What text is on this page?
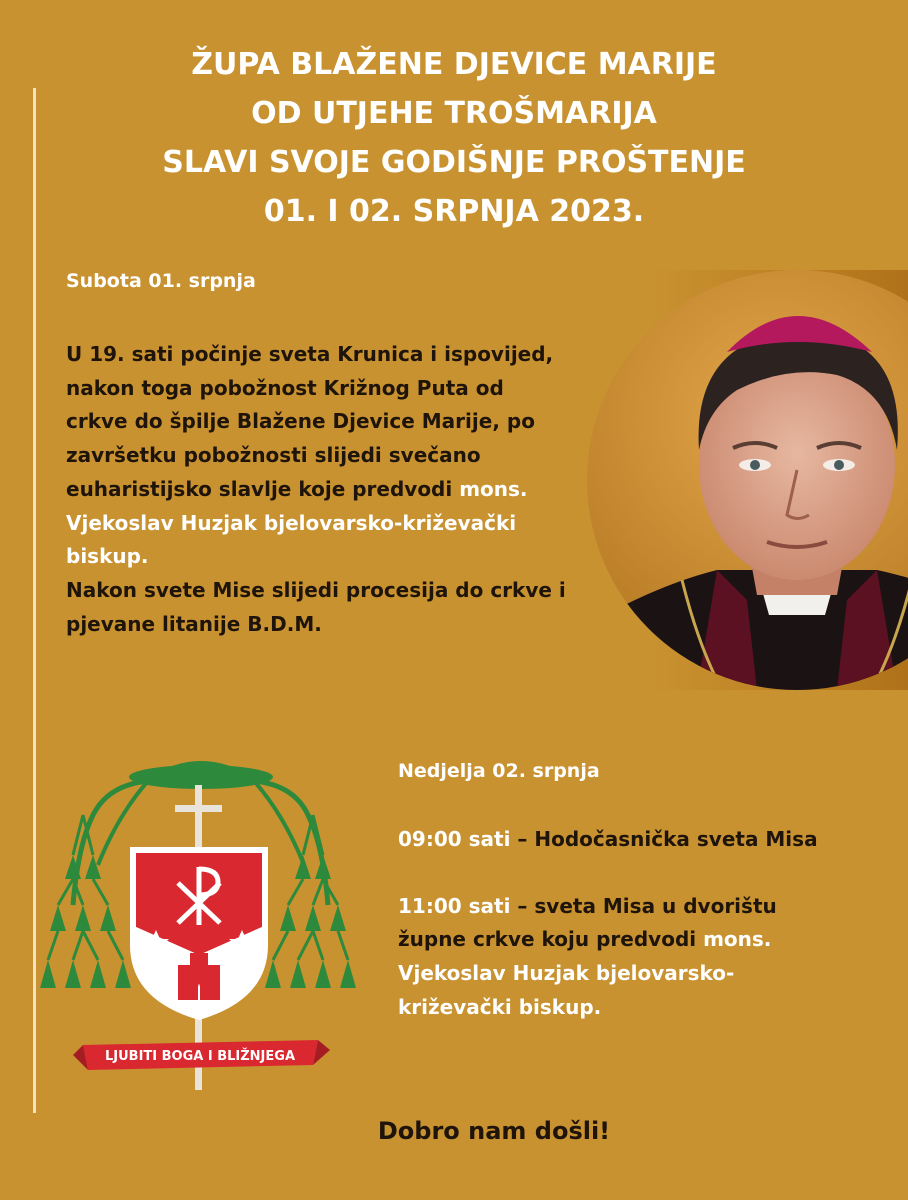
ŽUPA BLAŽENE DJEVICE MARIJE
OD UTJEHE TROŠMARIJA
SLAVI SVOJE GODIŠNJE PROŠTENJE
01. I 02. SRPNJA 2023.
Subota 01. srpnja
U 19. sati počinje sveta Krunica i ispovijed, nakon toga pobožnost Križnog Puta od crkve do špilje Blažene Djevice Marije, po završetku pobožnosti slijedi svečano euharistijsko slavlje koje predvodi mons. Vjekoslav Huzjak bjelovarsko-križevački biskup.
Nakon svete Mise slijedi procesija do crkve i pjevane litanije B.D.M.
LJUBITI BOGA I BLIŽNJEGA
Nedjelja 02. srpnja

09:00 sati – Hodočasnička sveta Misa

11:00 sati – sveta Misa u dvorištu župne crkve koju predvodi mons. Vjekoslav Huzjak bjelovarsko-križevački biskup.

Dobro nam došli!
